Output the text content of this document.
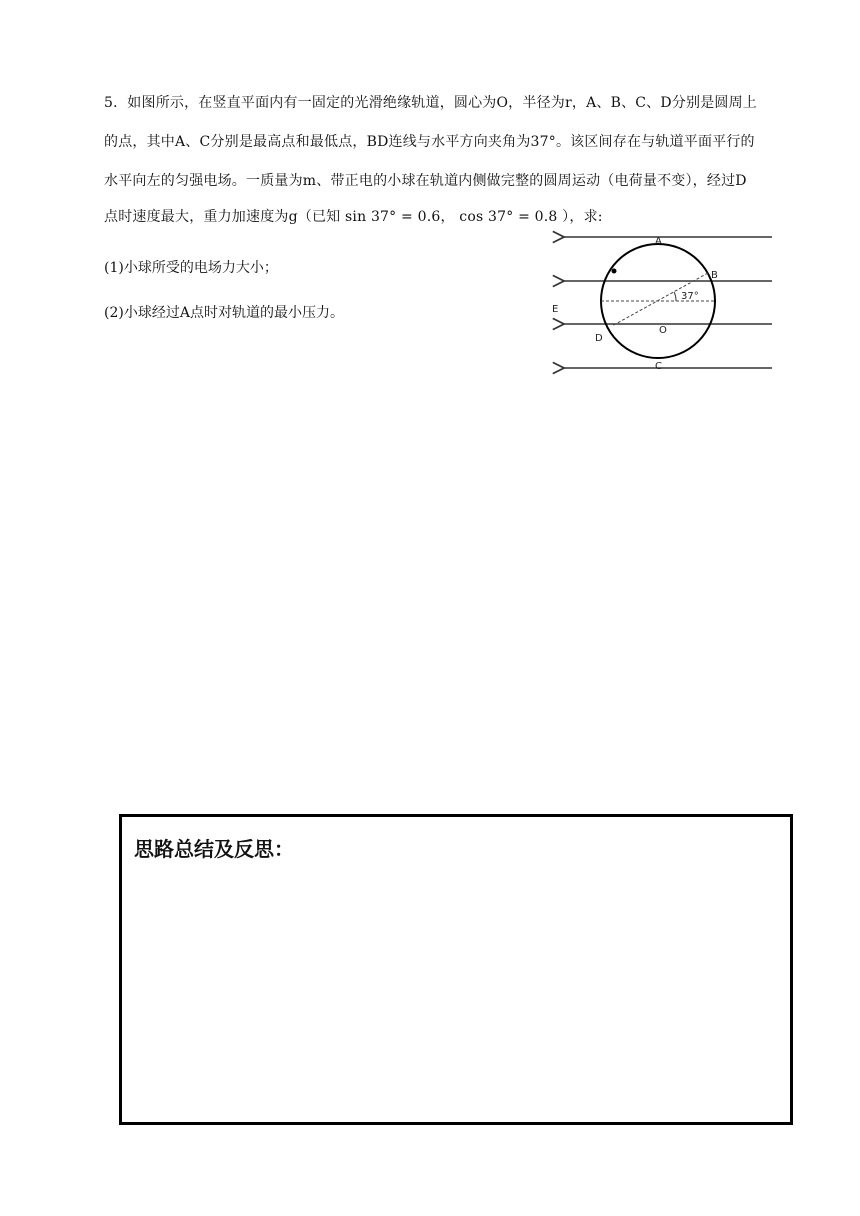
5．如图所示，在竖直平面内有一固定的光滑绝缘轨道，圆心为O，半径为r，A、B、C、D分别是圆周上
的点，其中A、C分别是最高点和最低点，BD连线与水平方向夹角为37°。该区间存在与轨道平面平行的
水平向左的匀强电场。一质量为m、带正电的小球在轨道内侧做完整的圆周运动（电荷量不变），经过D
点时速度最大，重力加速度为g（已知 sin 37° = 0.6， cos 37° = 0.8 ），求:
(1)小球所受的电场力大小；
(2)小球经过A点时对轨道的最小压力。
A
B
C
D
O
E
37°
思路总结及反思：
